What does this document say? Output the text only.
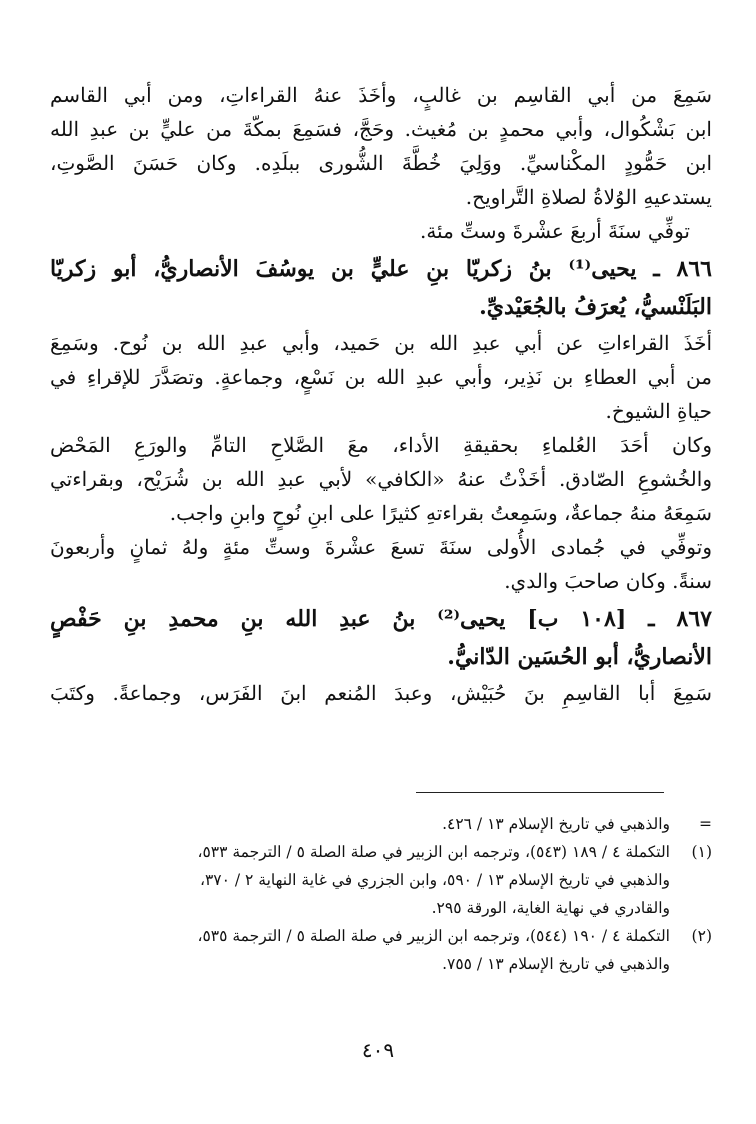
سَمِعَ من أبي القاسِم بن غالبٍ، وأخَذَ عنهُ القراءاتِ، ومن أبي القاسم
ابن بَشْكُوال، وأبي محمدٍ بن مُغيث. وحَجَّ، فسَمِعَ بمكّةَ من عليٍّ بن عبدِ الله
ابن حَمُّودٍ المكْناسيِّ. ووَلِيَ خُطَّةَ الشُّورى ببلَدِه. وكان حَسَنَ الصَّوتِ،
يستدعيهِ الوُلاةُ لصلاةِ التَّراويح.
توفِّي سنَةَ أربعَ عشْرةَ وستِّ مئة.
٨٦٦ ـ يحيى⁽¹⁾ بنُ زكريّا بنِ عليٍّ بن يوسُفَ الأنصاريُّ، أبو زكريّا
البَلَنْسيُّ، يُعرَفُ بالجُعَيْديِّ.
أخَذَ القراءاتِ عن أبي عبدِ الله بن حَميد، وأبي عبدِ الله بن نُوح. وسَمِعَ
من أبي العطاءِ بن نَذِير، وأبي عبدِ الله بن نَسْعٍ، وجماعةٍ. وتصَدَّرَ للإقراءِ في
حياةِ الشيوخ.
وكان أحَدَ العُلماءِ بحقيقةِ الأداء، معَ الصَّلاحِ التامِّ والورَعِ المَحْض
والخُشوعِ الصّادق. أخَذْتُ عنهُ «الكافي» لأبي عبدِ الله بن شُرَيْح، وبقراءتي
سَمِعَهُ منهُ جماعةٌ، وسَمِعتُ بقراءتهِ كثيرًا على ابنِ نُوحٍ وابنِ واجب.
وتوفِّي في جُمادى الأُولى سنَةَ تسعَ عشْرةَ وستِّ مئةٍ ولهُ ثمانٍ وأربعونَ
سنةً. وكان صاحبَ والدي.
٨٦٧ ـ [١٠٨ ب] يحيى⁽²⁾ بنُ عبدِ الله بنِ محمدِ بنِ حَفْصٍ
الأنصاريُّ، أبو الحُسَين الدّانيُّ.
سَمِعَ أبا القاسِمِ بنَ حُبَيْش، وعبدَ المُنعم ابنَ الفَرَس، وجماعةً. وكتَبَ
=
والذهبي في تاريخ الإسلام ١٣ / ٤٢٦.
(١)
التكملة ٤ / ١٨٩ (٥٤٣)، وترجمه ابن الزبير في صلة الصلة ٥ / الترجمة ٥٣٣،
والذهبي في تاريخ الإسلام ١٣ / ٥٩٠، وابن الجزري في غاية النهاية ٢ / ٣٧٠،
والقادري في نهاية الغاية، الورقة ٢٩٥.
(٢)
التكملة ٤ / ١٩٠ (٥٤٤)، وترجمه ابن الزبير في صلة الصلة ٥ / الترجمة ٥٣٥،
والذهبي في تاريخ الإسلام ١٣ / ٧٥٥.
٤٠٩
